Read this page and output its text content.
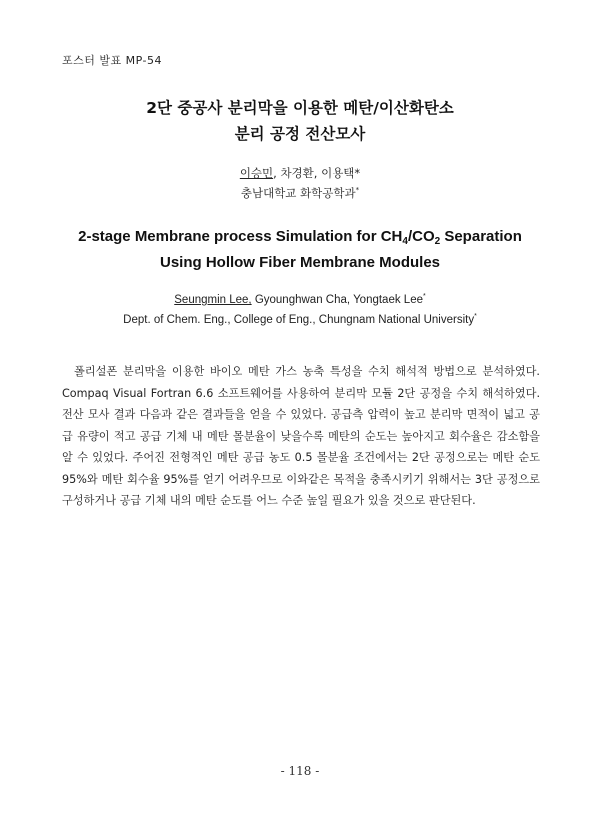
포스터 발표 MP-54
2단 중공사 분리막을 이용한 메탄/이산화탄소
분리 공정 전산모사
이승민, 차경환, 이용택*
충남대학교 화학공학과*
2-stage Membrane process Simulation for $CH_4/CO_2$ Separation
Using Hollow Fiber Membrane Modules
Seungmin Lee, Gyounghwan Cha, Yongtaek Lee*
Dept. of Chem. Eng., College of Eng., Chungnam National University*

폴리설폰 분리막을 이용한 바이오 메탄 가스 농축 특성을 수치 해석적 방법으로 분석하였다. Compaq Visual Fortran 6.6 소프트웨어를 사용하여 분리막 모듈 2단 공정을 수치 해석하였다. 전산 모사 결과 다음과 같은 결과들을 얻을 수 있었다. 공급측 압력이 높고 분리막 면적이 넓고 공급 유량이 적고 공급 기체 내 메탄 몰분율이 낮을수록 메탄의 순도는 높아지고 회수율은 감소함을 알 수 있었다. 주어진 전형적인 메탄 공급 농도 0.5 몰분율 조건에서는 2단 공정으로는 메탄 순도 95%와 메탄 회수율 95%를 얻기 어려우므로 이와같은 목적을 충족시키기 위해서는 3단 공정으로 구성하거나 공급 기체 내의 메탄 순도를 어느 수준 높일 필요가 있을 것으로 판단된다.

- 118 -
